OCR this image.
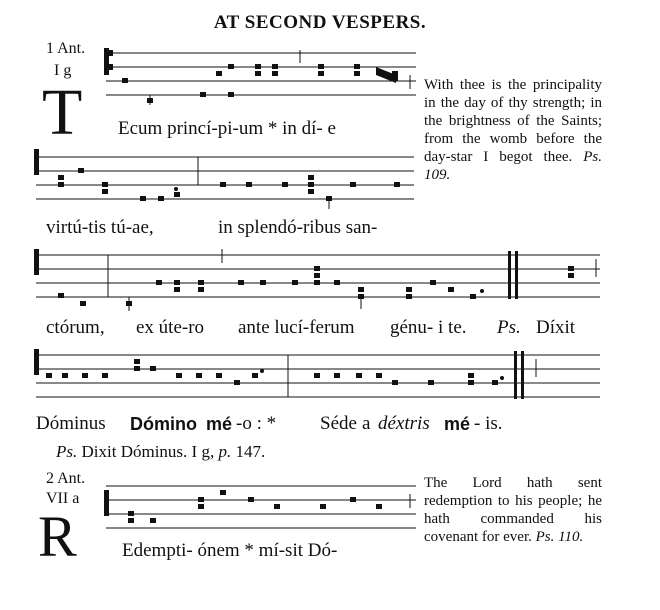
AT SECOND VESPERS.
1 Ant.
I g
T Ecum princí-pi-um * in dí- e
With thee is the principality in the day of thy strength; in the brightness of the Saints; from the womb before the day-star I begot thee. Ps. 109.
virtú-tis tú-ae,	in splendó-ribus san-
ctórum, ex úte-ro ante lucí-ferum génu- i te. Ps. Díxit
Dóminus Dómino mé -o : * Séde a déxtris mé - is.
Ps. Dixit Dóminus. I g, p. 147.
2 Ant.
VII a
R Edempti- ónem * mí-sit Dó-
The Lord hath sent redemption to his people; he hath commanded his covenant for ever. Ps. 110.
